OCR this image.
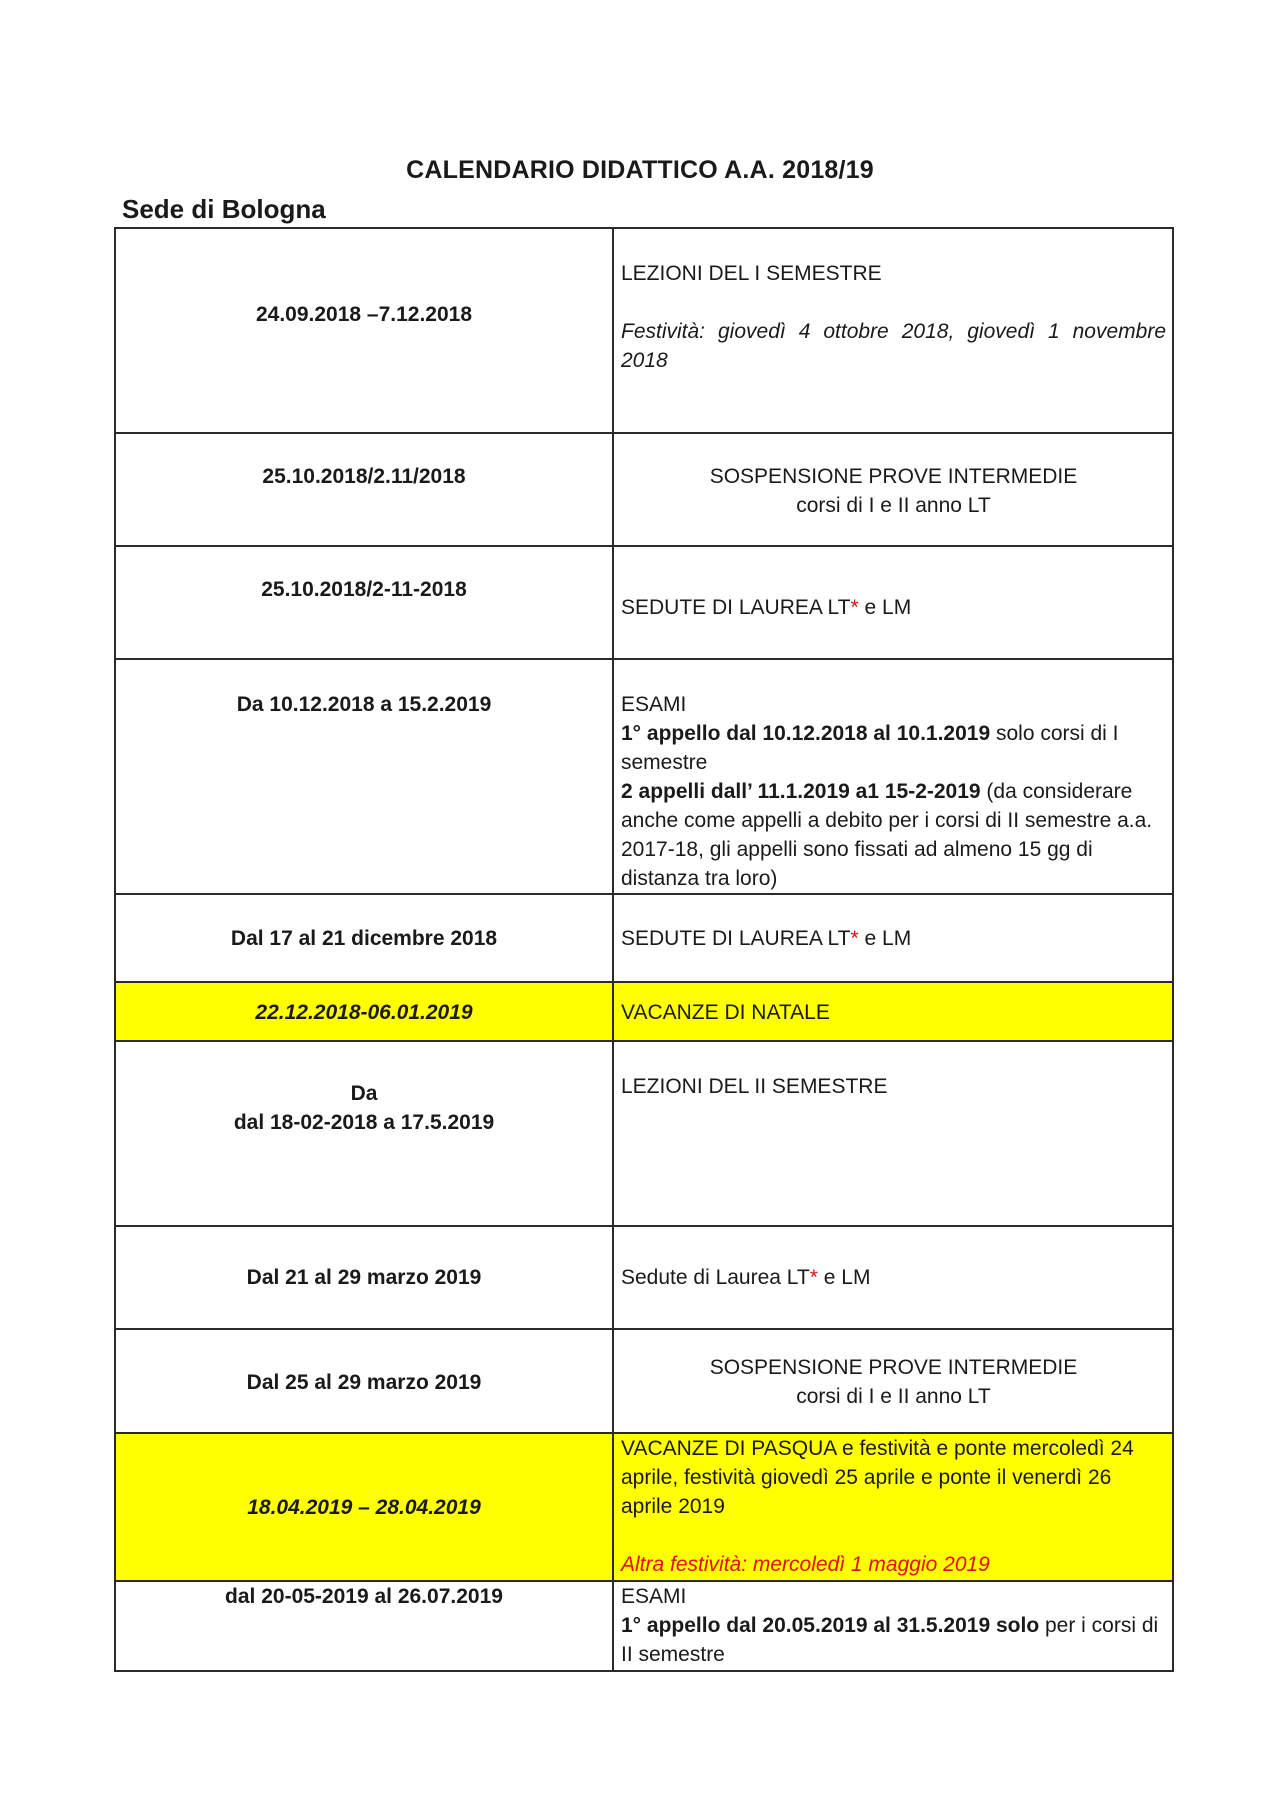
CALENDARIO DIDATTICO A.A. 2018/19
Sede di Bologna
24.09.2018 –7.12.2018	LEZIONI DEL I SEMESTRE
Festività: giovedì 4 ottobre 2018, giovedì 1 novembre 2018

25.10.2018/2.11/2018	SOSPENSIONE PROVE INTERMEDIE
corsi di I e II anno LT

25.10.2018/2-11-2018	SEDUTE DI LAUREA LT* e LM

Da 10.12.2018 a 15.2.2019	ESAMI
1° appello dal 10.12.2018 al 10.1.2019 solo corsi di I semestre
2 appelli dall’ 11.1.2019 a1 15-2-2019 (da considerare anche come appelli a debito per i corsi di II semestre a.a. 2017-18, gli appelli sono fissati ad almeno 15 gg di distanza tra loro)

Dal 17 al 21 dicembre 2018	SEDUTE DI LAUREA LT* e LM

22.12.2018-06.01.2019	VACANZE DI NATALE

Da
dal 18-02-2018 a 17.5.2019	LEZIONI DEL II SEMESTRE

Dal 21 al 29 marzo 2019	Sedute di Laurea LT* e LM

Dal 25 al 29 marzo 2019	SOSPENSIONE PROVE INTERMEDIE
corsi di I e II anno LT

18.04.2019 – 28.04.2019	VACANZE DI PASQUA e festività e ponte mercoledì 24 aprile, festività giovedì 25 aprile e ponte il venerdì 26 aprile 2019
Altra festività: mercoledì 1 maggio 2019

dal 20-05-2019 al 26.07.2019	ESAMI
1° appello dal 20.05.2019 al 31.5.2019 solo per i corsi di II semestre
